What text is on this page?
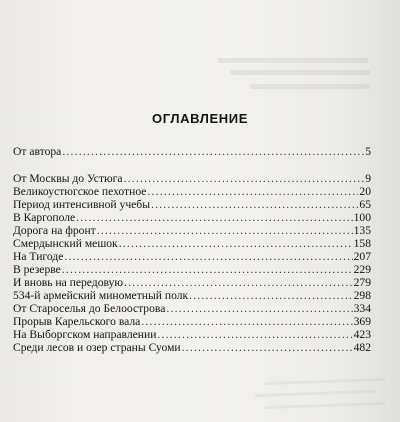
ОГЛАВЛЕНИЕ
От автора .....	5
От Москвы до Устюга .....	9
Великоустюгское пехотное .....	20
Период интенсивной учебы .....	65
В Каргополе .....	100
Дорога на фронт .....	135
Смердынский мешок .....	158
На Тигоде .....	207
В резерве .....	229
И вновь на передовую .....	279
534-й армейский минометный полк .....	298
От Староселья до Белоострова .....	334
Прорыв Карельского вала .....	369
На Выборгском направлении .....	423
Среди лесов и озер страны Суоми .....	482
